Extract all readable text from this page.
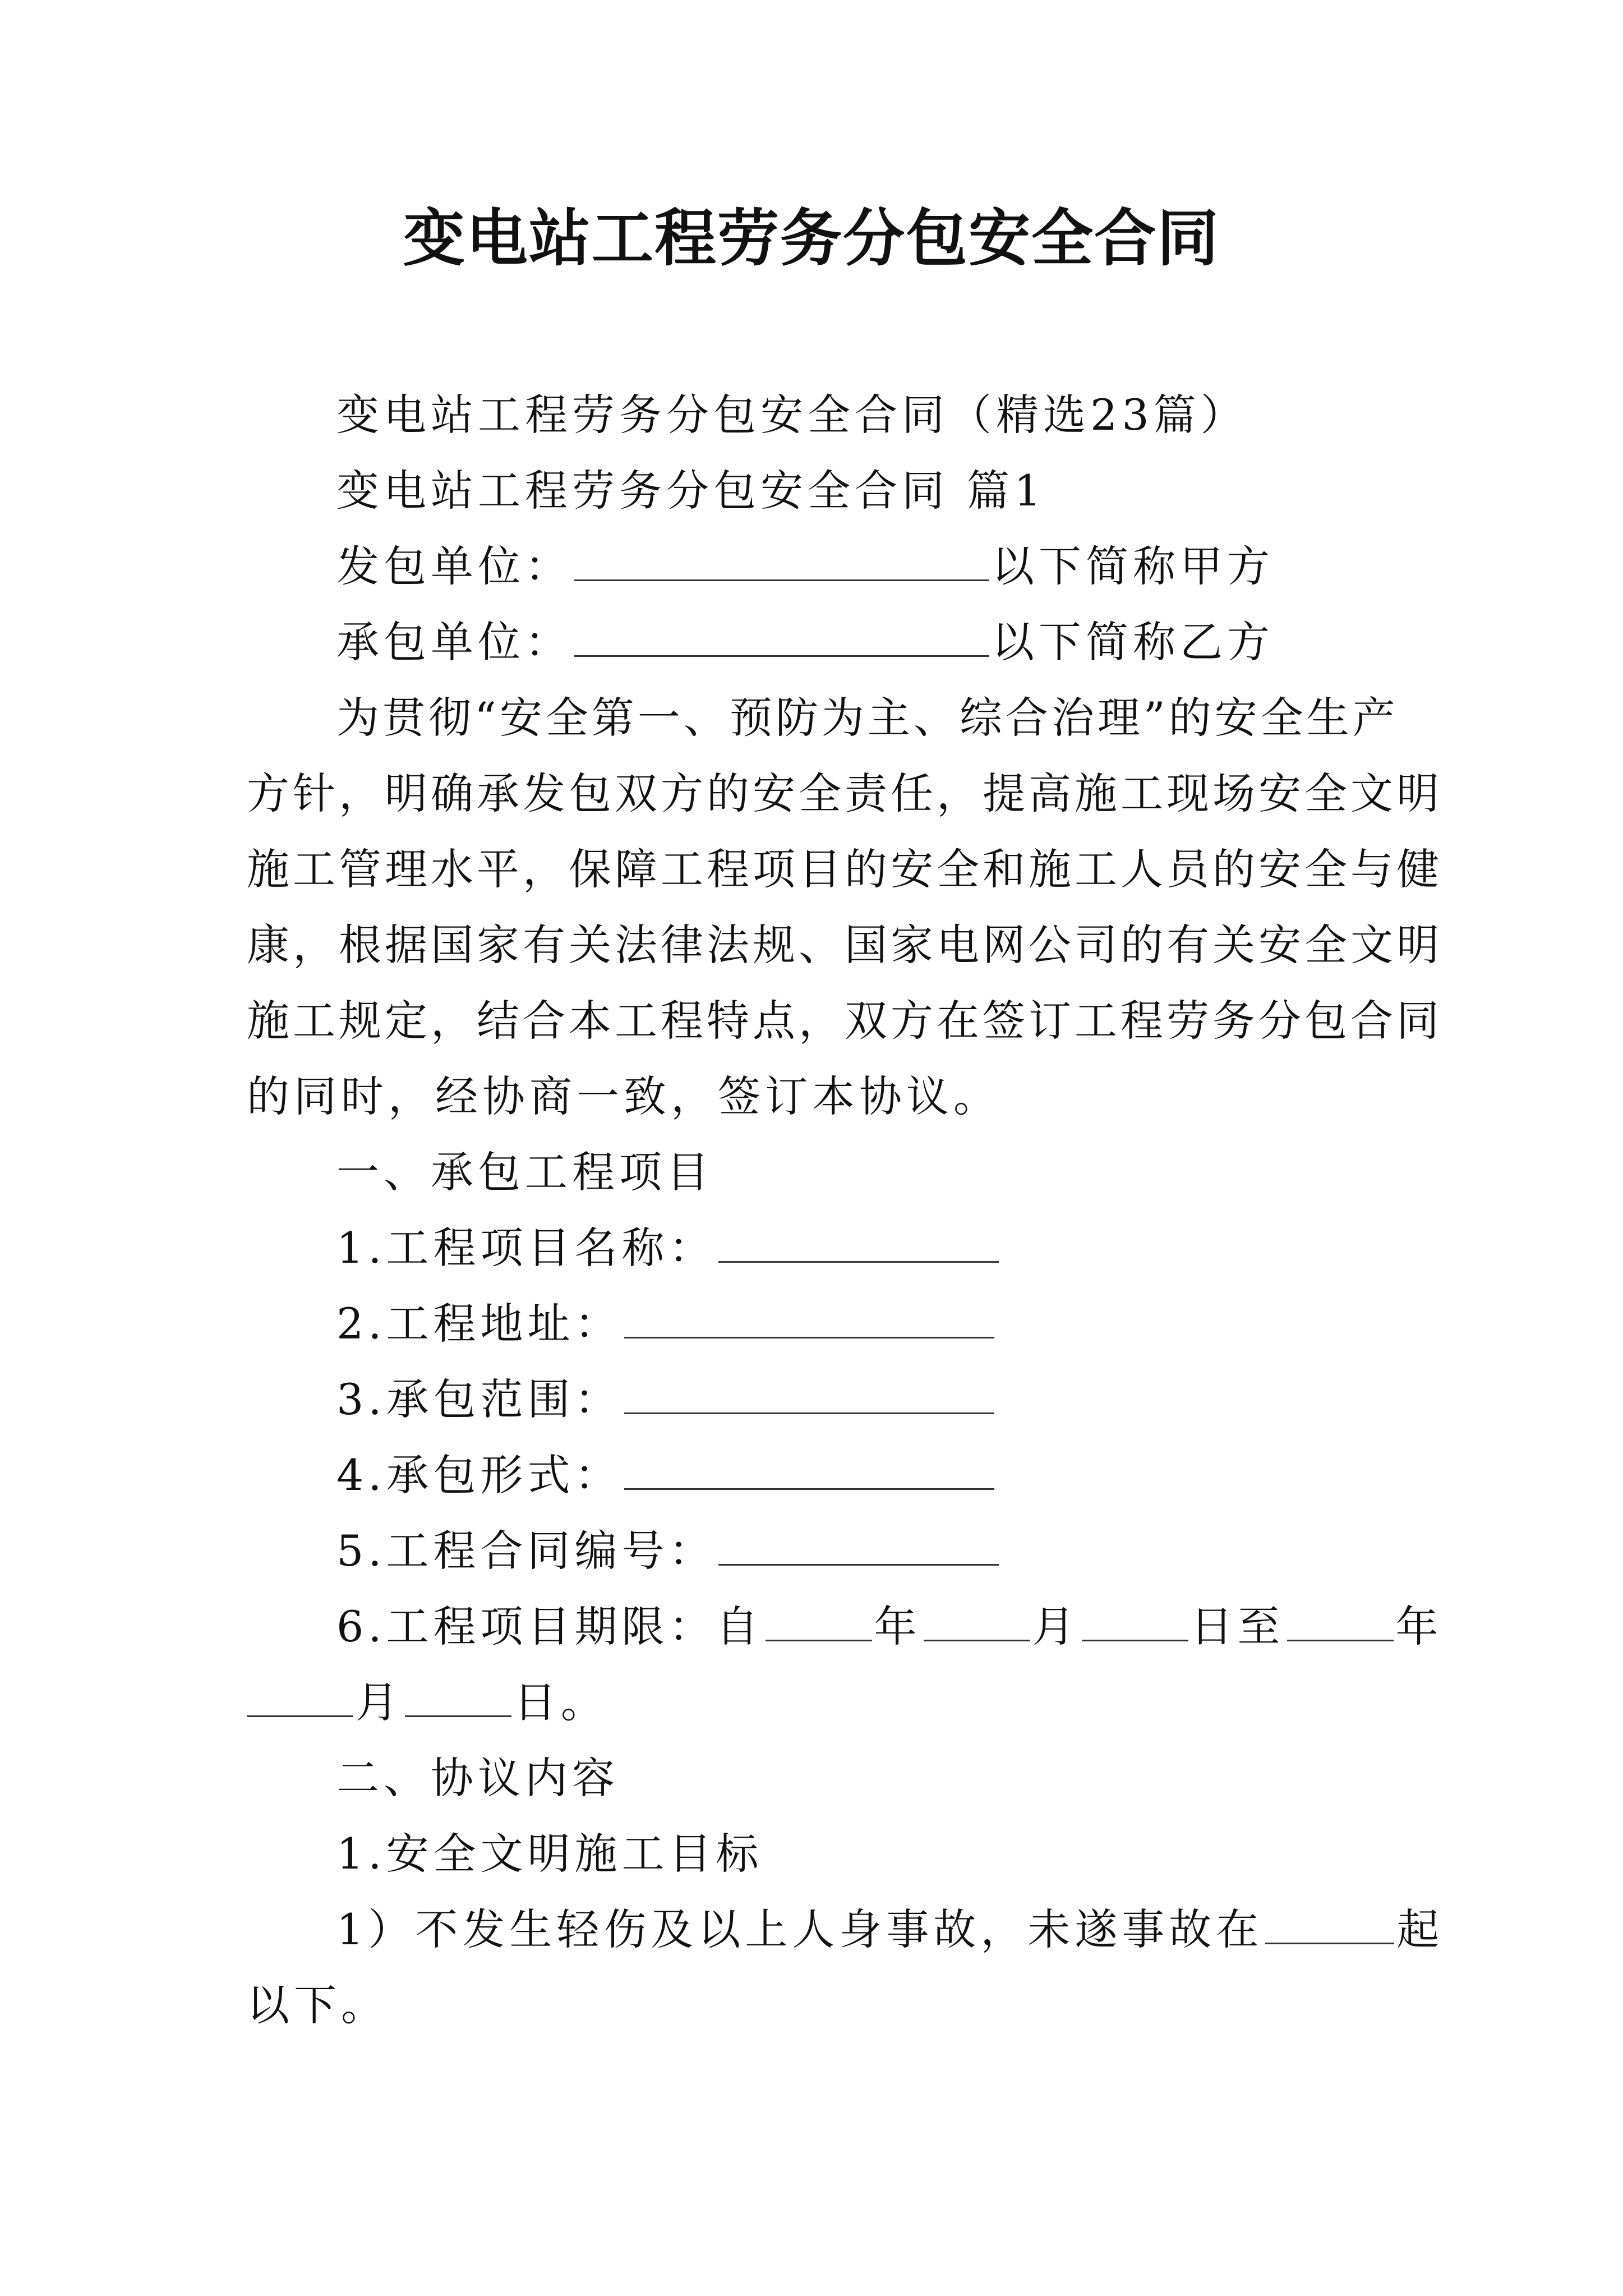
变电站工程劳务分包安全合同
变电站工程劳务分包安全合同（精选23篇）
变电站工程劳务分包安全合同 篇1
发包单位：	以下简称甲方
承包单位：	以下简称乙方
为贯彻“安全第一、预防为主、综合治理”的安全生产
方针，明确承发包双方的安全责任，提高施工现场安全文明
施工管理水平，保障工程项目的安全和施工人员的安全与健
康，根据国家有关法律法规、国家电网公司的有关安全文明
施工规定，结合本工程特点，双方在签订工程劳务分包合同
的同时，经协商一致，签订本协议。
一、承包工程项目
1.工程项目名称：
2.工程地址：
3.承包范围：
4.承包形式：
5.工程合同编号：
6.工程项目期限：自	年	月	日至	年
月	日。
二、协议内容
1.安全文明施工目标
1）不发生轻伤及以上人身事故，未遂事故在	起
以下。
